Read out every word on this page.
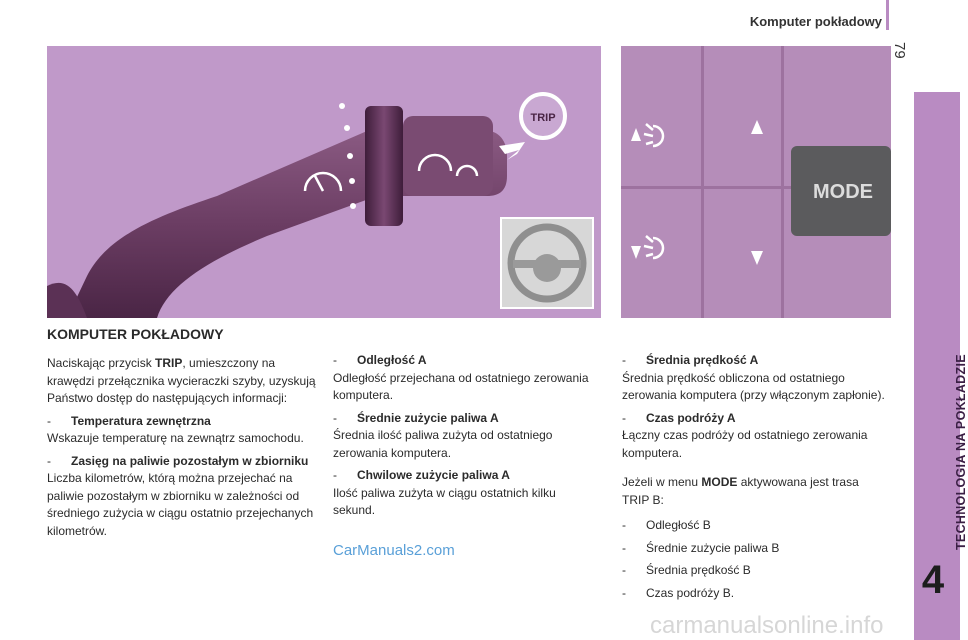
Komputer pokładowy
79
TECHNOLOGIA NA POKŁADZIE
4
TRIP
MODE
KOMPUTER POKŁADOWY

Naciskając przycisk TRIP, umieszczony na krawędzi przełącznika wycieraczki szyby, uzyskują Państwo dostęp do następujących informacji:

-	Temperatura zewnętrzna

Wskazuje temperaturę na zewnątrz samochodu.

-	Zasięg na paliwie pozostałym w zbiorniku

Liczba kilometrów, którą można przejechać na paliwie pozostałym w zbiorniku w zależności od średniego zużycia w ciągu ostatnio przejechanych kilometrów.

-	Odległość A

Odległość przejechana od ostatniego zerowania komputera.

-	Średnie zużycie paliwa A

Średnia ilość paliwa zużyta od ostatniego zerowania komputera.

-	Chwilowe zużycie paliwa A

Ilość paliwa zużyta w ciągu ostatnich kilku sekund.

-	Średnia prędkość A

Średnia prędkość obliczona od ostatniego zerowania komputera (przy włączonym zapłonie).

-	Czas podróży A

Łączny czas podróży od ostatniego zerowania komputera.

Jeżeli w menu MODE aktywowana jest trasa TRIP B:

-	Odległość B
-	Średnie zużycie paliwa B
-	Średnia prędkość B
-	Czas podróży B.
CarManuals2.com
carmanualsonline.info
